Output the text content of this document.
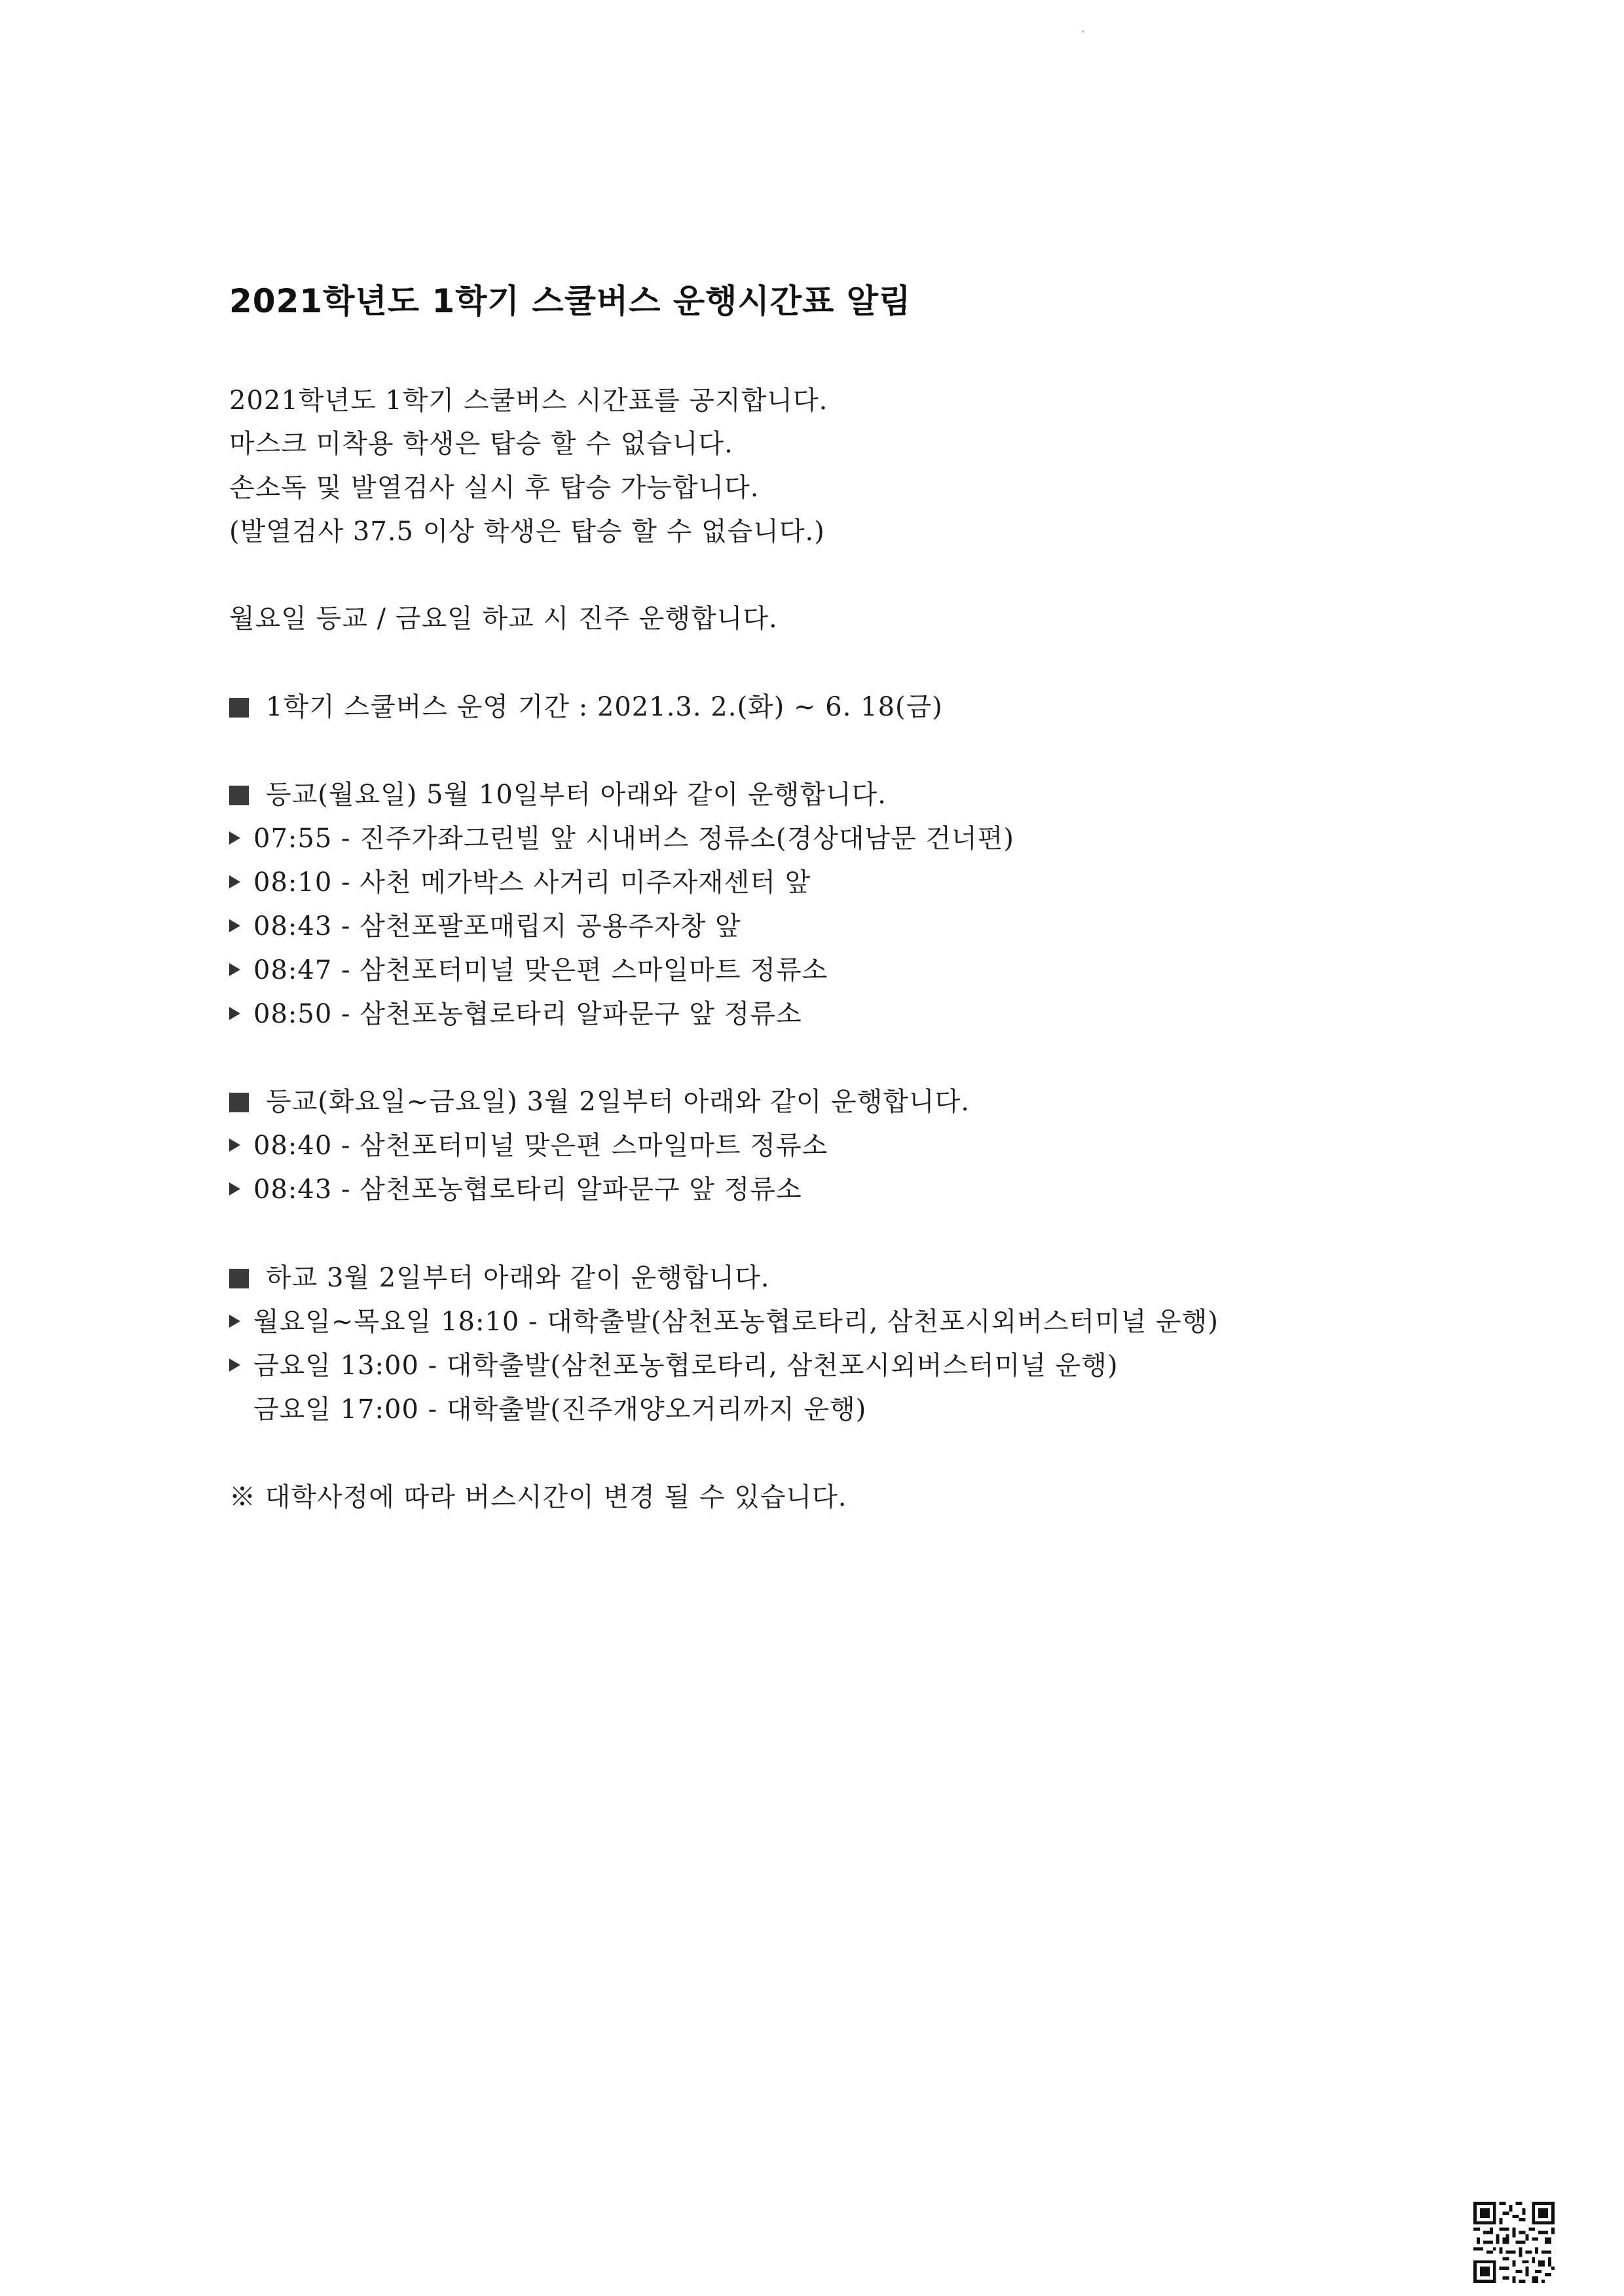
2021학년도 1학기 스쿨버스 운행시간표 알림
2021학년도 1학기 스쿨버스 시간표를 공지합니다.
마스크 미착용 학생은 탑승 할 수 없습니다.
손소독 및 발열검사 실시 후 탑승 가능합니다.
(발열검사 37.5 이상 학생은 탑승 할 수 없습니다.)
월요일 등교 / 금요일 하교 시 진주 운행합니다.
1학기 스쿨버스 운영 기간 : 2021.3. 2.(화) ~ 6. 18(금)
등교(월요일) 5월 10일부터 아래와 같이 운행합니다.
07:55 - 진주가좌그린빌 앞 시내버스 정류소(경상대남문 건너편)
08:10 - 사천 메가박스 사거리 미주자재센터 앞
08:43 - 삼천포팔포매립지 공용주자창 앞
08:47 - 삼천포터미널 맞은편 스마일마트 정류소
08:50 - 삼천포농협로타리 알파문구 앞 정류소
등교(화요일~금요일) 3월 2일부터 아래와 같이 운행합니다.
08:40 - 삼천포터미널 맞은편 스마일마트 정류소
08:43 - 삼천포농협로타리 알파문구 앞 정류소
하교 3월 2일부터 아래와 같이 운행합니다.
월요일~목요일 18:10 - 대학출발(삼천포농협로타리, 삼천포시외버스터미널 운행)
금요일 13:00 - 대학출발(삼천포농협로타리, 삼천포시외버스터미널 운행)
금요일 17:00 - 대학출발(진주개양오거리까지 운행)
※ 대학사정에 따라 버스시간이 변경 될 수 있습니다.
